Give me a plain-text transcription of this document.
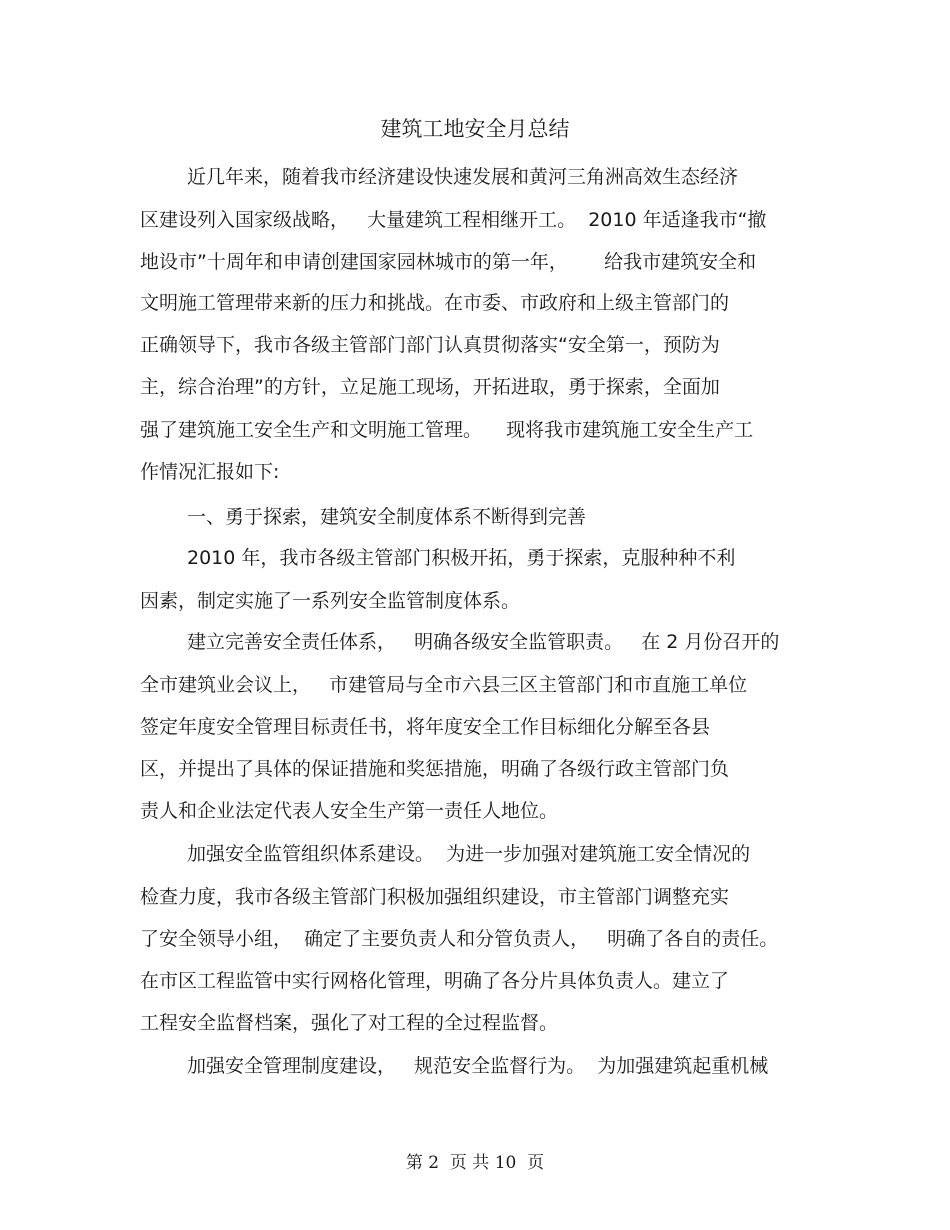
建筑工地安全月总结
近几年来，随着我市经济建设快速发展和黄河三角洲高效生态经济
区建设列入国家级战略，   大量建筑工程相继开工。  2010 年适逢我市“撤
地设市”十周年和申请创建国家园林城市的第一年，      给我市建筑安全和
文明施工管理带来新的压力和挑战。在市委、市政府和上级主管部门的
正确领导下，我市各级主管部门部门认真贯彻落实“安全第一，预防为
主，综合治理”的方针，立足施工现场，开拓进取，勇于探索，全面加
强了建筑施工安全生产和文明施工管理。    现将我市建筑施工安全生产工
作情况汇报如下:
一、勇于探索，建筑安全制度体系不断得到完善
2010 年，我市各级主管部门积极开拓，勇于探索，克服种种不利
因素，制定实施了一系列安全监管制度体系。
建立完善安全责任体系，   明确各级安全监管职责。   在 2 月份召开的
全市建筑业会议上，   市建管局与全市六县三区主管部门和市直施工单位
签定年度安全管理目标责任书，将年度安全工作目标细化分解至各县
区，并提出了具体的保证措施和奖惩措施，明确了各级行政主管部门负
责人和企业法定代表人安全生产第一责任人地位。
加强安全监管组织体系建设。  为进一步加强对建筑施工安全情况的
检查力度，我市各级主管部门积极加强组织建设，市主管部门调整充实
了安全领导小组，  确定了主要负责人和分管负责人，   明确了各自的责任。
在市区工程监管中实行网格化管理，明确了各分片具体负责人。建立了
工程安全监督档案，强化了对工程的全过程监督。
加强安全管理制度建设，   规范安全监督行为。  为加强建筑起重机械
第 2  页 共 10  页
